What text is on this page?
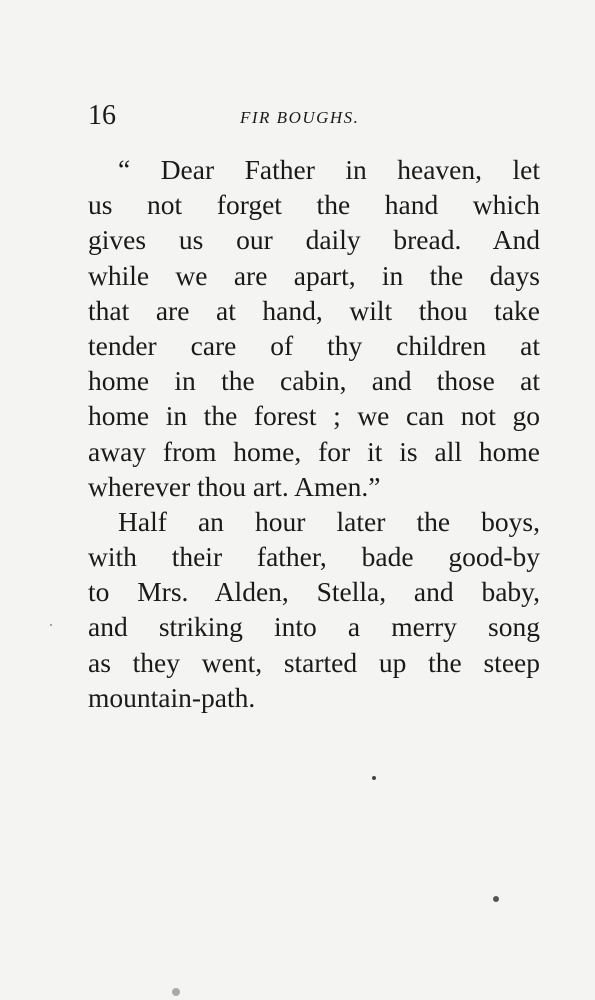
16	FIR BOUGHS.

“ Dear Father in heaven, let
us not forget the hand which
gives us our daily bread. And
while we are apart, in the days
that are at hand, wilt thou take
tender care of thy children at
home in the cabin, and those at
home in the forest ; we can not go
away from home, for it is all home
wherever thou art. Amen.”

Half an hour later the boys,
with their father, bade good-by
to Mrs. Alden, Stella, and baby,
and striking into a merry song
as they went, started up the steep
mountain-path.
